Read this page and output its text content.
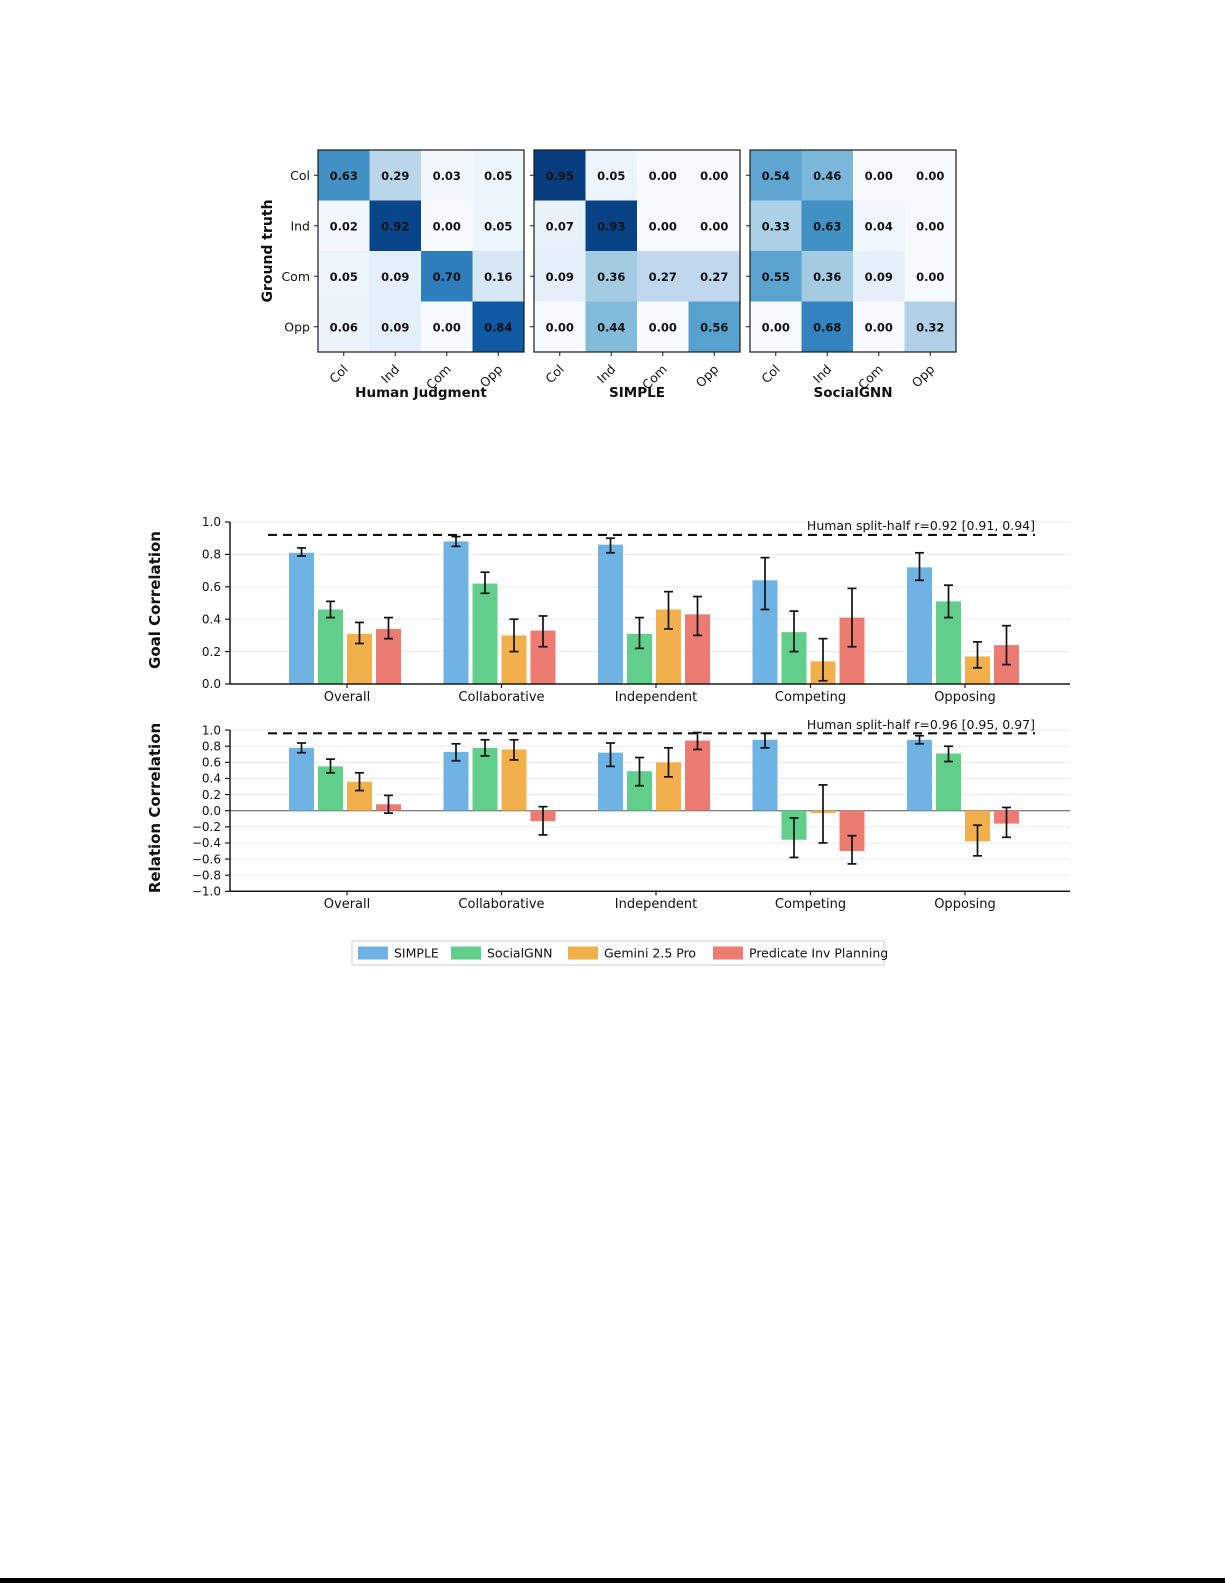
0.63 0.29 0.03 0.05
0.02 0.92 0.00 0.05
0.05 0.09 0.70 0.16
0.06 0.09 0.00 0.84
Col Ind Com Opp
Col
Ind
Com
Opp
Ground truth
Human Judgment
0.95 0.05 0.00 0.00
0.07 0.93 0.00 0.00
0.09 0.36 0.27 0.27
0.00 0.44 0.00 0.56
Col Ind Com Opp
SIMPLE
0.54 0.46 0.00 0.00
0.33 0.63 0.04 0.00
0.55 0.36 0.09 0.00
0.00 0.68 0.00 0.32
Col Ind Com Opp
SocialGNN
Human split-half r=0.92 [0.91, 0.94]
0.0
0.2
0.4
0.6
0.8
1.0
Overall	Collaborative	Independent	Competing	Opposing
Goal Correlation
Human split-half r=0.96 [0.95, 0.97]
−1.0
−0.8
−0.6
−0.4
−0.2
0.0
0.2
0.4
0.6
0.8
1.0
Overall	Collaborative	Independent	Competing	Opposing
Relation Correlation
SIMPLE	SocialGNN	Gemini 2.5 Pro	Predicate Inv Planning
